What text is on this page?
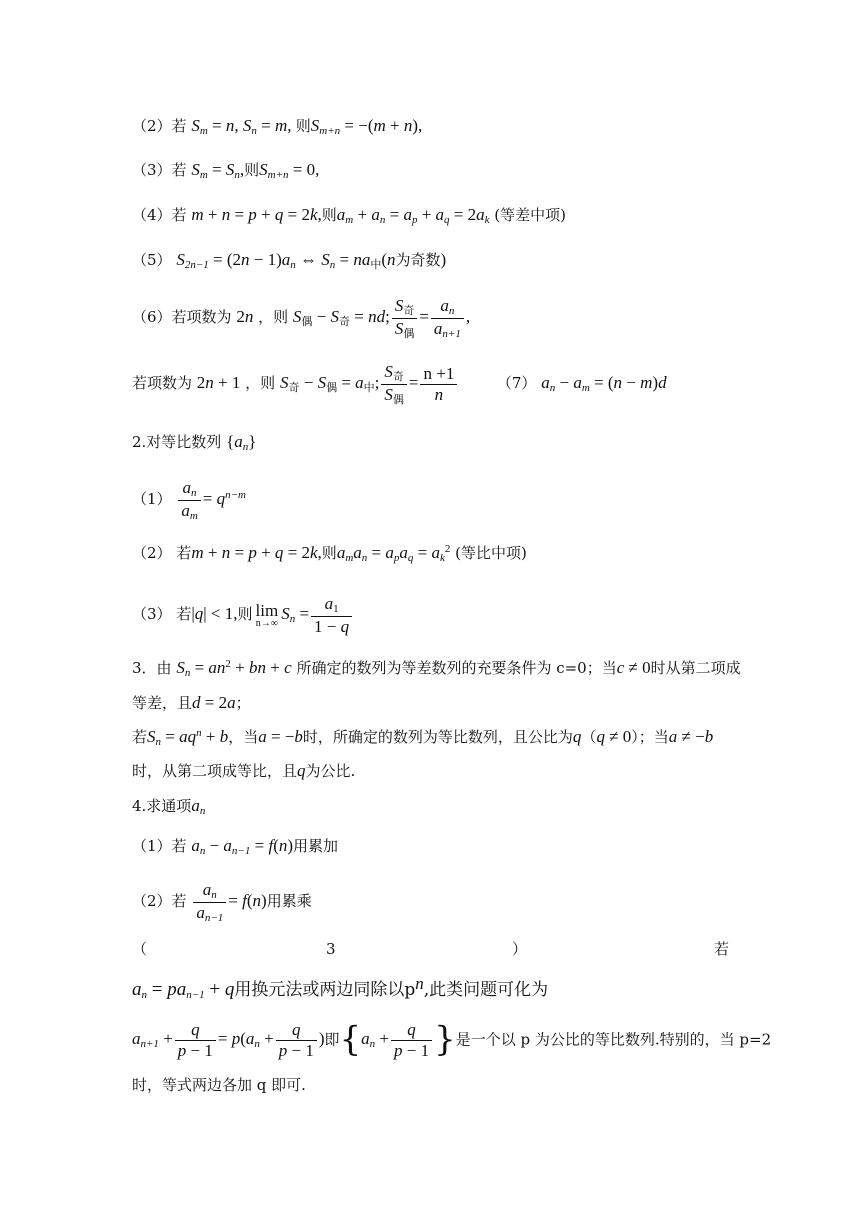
（2）若 $S_m = n$, $S_n = m$, 则$S_{m+n} = -(m + n)$,
（3）若 $S_m = S_n$,则$S_{m+n} = 0$,
（4）若 m + n = p + q = 2k,则$a_m + a_n = a_p + a_q = 2a_k$ (等差中项)
（5） $S_{2n-1} = (2n - 1)a_n$ ⇔ $S_n = na_中(n$为奇数)
（6）若项数为 2n ，则 $S_偶 - S_奇$ = nd; $\frac{S_奇}{S_偶} = \frac{a_n}{a_{n+1}}$ ,
若项数为 2n + 1 ，则 $S_奇 - S_偶 = a_中$; $\frac{S_奇}{S_偶} = \frac{n +1}{n}$	（7） $a_n - a_m = (n - m)d$
2.对等比数列 $\{a_n\}$
$(1) \frac{a_n}{a_m} = q^{n-m}$
（2） 若m + n = p + q = 2k,则$a_ma_n = a_pa_q = a_k^2$ (等比中项)
（3） 若|q| < 1,则 lim
n→∞
$S_n = \frac{a_1}{1 - q}$
3．由 $S_n = an^2$ + bn + c 所确定的数列为等差数列的充要条件为 c=0；当c ≠ 0时从第二项成
等差，且d = 2a；
若$S_n = aq^n + b$，当a = −b时，所确定的数列为等比数列，且公比为q（q ≠ 0）；当a ≠ −b
时，从第二项成等比，且q为公比.
4.求通项$a_n$
（1）若 $a_n - a_{n-1} = f(n)$用累加
（2）若 $\frac{a_n}{a_{n-1}} = f(n)$用累乘
（	3	）	若
$a_n = pa_{n-1} + q$用换元法或两边同除以$p^n$,此类问题可化为
$a_{n+1} + \frac{q}{p - 1} = p(a_n + \frac{q}{p - 1}$ )即{$a_n + \frac{q}{p - 1}$ }是一个以 p 为公比的等比数列.特别的，当 p=2
时，等式两边各加 q 即可.
